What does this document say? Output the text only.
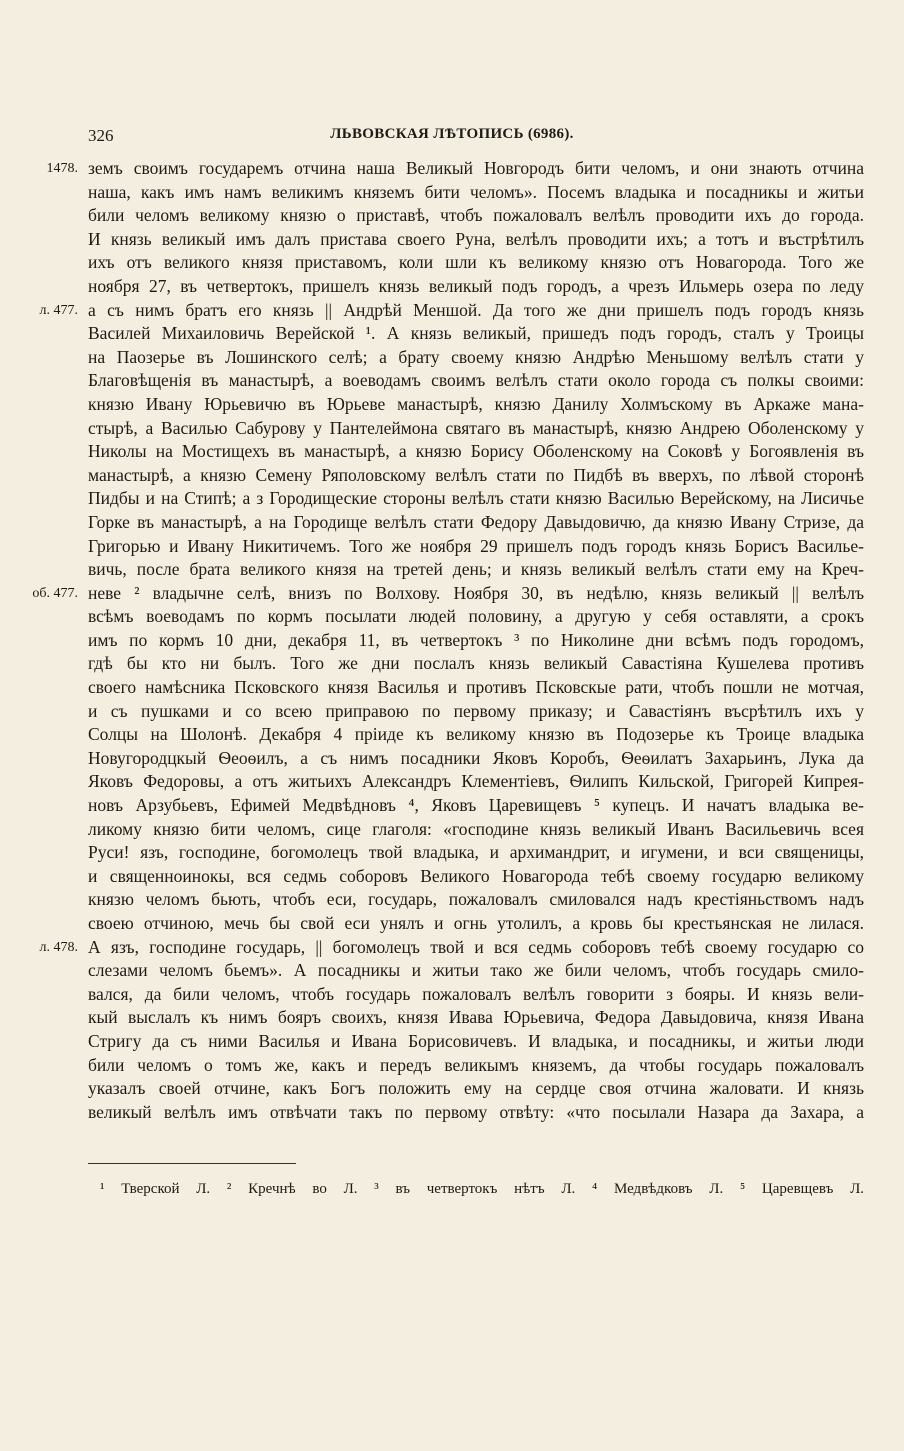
326	ЛЬВОВСКАЯ ЛѢТОПИСЬ (6986).
1478. земъ своимъ государемъ отчина наша Великый Новгородъ бити челомъ, и они знають отчина
наша, какъ имъ намъ великимъ княземъ бити челомъ». Посемъ владыка и посадникы и житьи
били челомъ великому князю о приставѣ, чтобъ пожаловалъ велѣлъ проводити ихъ до города.
И князь великый имъ далъ пристава своего Руна, велѣлъ проводити ихъ; а тотъ и въстрѣтилъ
ихъ отъ великого князя приставомъ, коли шли къ великому князю отъ Новагорода. Того же
ноября 27, въ четвертокъ, пришелъ князь великый подъ городъ, а чрезъ Ильмерь озера по леду
л. 477. а съ нимъ братъ его князь || Андрѣй Меншой. Да того же дни пришелъ подъ городъ князь
Василей Михаиловичь Верейской ¹. А князь великый, пришедъ подъ городъ, сталъ у Троицы
на Паозерье въ Лошинского селѣ; а брату своему князю Андрѣю Меньшому велѣлъ стати у
Благовѣщенія въ манастырѣ, а воеводамъ своимъ велѣлъ стати около города съ полкы своими:
князю Ивану Юрьевичю въ Юрьеве манастырѣ, князю Данилу Холмъскому въ Аркаже мана-
стырѣ, а Василью Сабурову у Пантелеймона святаго въ манастырѣ, князю Андрею Оболенскому у
Николы на Мостищехъ въ манастырѣ, а князю Борису Оболенскому на Соковѣ у Богоявленія въ
манастырѣ, а князю Семену Ряполовскому велѣлъ стати по Пидбѣ въ вверхъ, по лѣвой сторонѣ
Пидбы и на Стипѣ; а з Городищеские стороны велѣлъ стати князю Василью Верейскому, на Лисичье
Горке въ манастырѣ, а на Городище велѣлъ стати Федору Давыдовичю, да князю Ивану Стризе, да
Григорью и Ивану Никитичемъ. Того же ноября 29 пришелъ подъ городъ князь Борисъ Василье-
вичь, после брата великого князя на третей день; и князь великый велѣлъ стати ему на Креч-
об. 477. неве ² владычне селѣ, внизъ по Волхову. Ноября 30, въ недѣлю, князь великый || велѣлъ
всѣмъ воеводамъ по кормъ посылати людей половину, а другую у себя оставляти, а срокъ
имъ по кормъ 10 дни, декабря 11, въ четвертокъ ³ по Николине дни всѣмъ подъ городомъ,
гдѣ бы кто ни былъ. Того же дни послалъ князь великый Савастіяна Кушелева противъ
своего намѣсника Псковского князя Василья и противъ Псковскые рати, чтобъ пошли не мотчая,
и съ пушками и со всею приправою по первому приказу; и Савастіянъ въсрѣтилъ ихъ у
Солцы на Шолонѣ. Декабря 4 пріиде къ великому князю въ Подозерье къ Троице владыка
Новугородцкый Ѳеоѳилъ, а съ нимъ посадники Яковъ Коробъ, Ѳеѳилатъ Захарьинъ, Лука да
Яковъ Федоровы, а отъ житьихъ Александръ Клементіевъ, Ѳилипъ Кильской, Григорей Кипрея-
новъ Арзубьевъ, Ефимей Медвѣдновъ ⁴, Яковъ Царевищевъ ⁵ купецъ. И начатъ владыка ве-
ликому князю бити челомъ, сице глаголя: «господине князь великый Иванъ Васильевичь всея
Руси! язъ, господине, богомолецъ твой владыка, и архимандрит, и игумени, и вси священицы,
и священноинокы, вся седмь соборовъ Великого Новагорода тебѣ своему государю великому
князю челомъ бьють, чтобъ еси, государь, пожаловалъ смиловался надъ крестіяньствомъ надъ
своею отчиною, мечь бы свой еси унялъ и огнь утолилъ, а кровь бы крестьянская не лилася.
л. 478. А язъ, господине государь, || богомолецъ твой и вся седмь соборовъ тебѣ своему государю со
слезами челомъ бьемъ». А посадникы и житьи тако же били челомъ, чтобъ государь смило-
вался, да били челомъ, чтобъ государь пожаловалъ велѣлъ говорити з бояры. И князь вели-
кый выслалъ къ нимъ бояръ своихъ, князя Ивава Юрьевича, Федора Давыдовича, князя Ивана
Стригу да съ ними Василья и Ивана Борисовичевъ. И владыка, и посадникы, и житьи люди
били челомъ о томъ же, какъ и передъ великымъ княземъ, да чтобы государь пожаловалъ
указалъ своей отчине, какъ Богъ положить ему на сердце своя отчина жаловати. И князь
великый велѣлъ имъ отвѣчати такъ по первому отвѣту: «что посылали Назара да Захара, а
¹ Тверской Л. ² Кречнѣ во Л. ³ въ четвертокъ нѣтъ Л. ⁴ Медвѣдковъ Л. ⁵ Царевщевъ Л.
